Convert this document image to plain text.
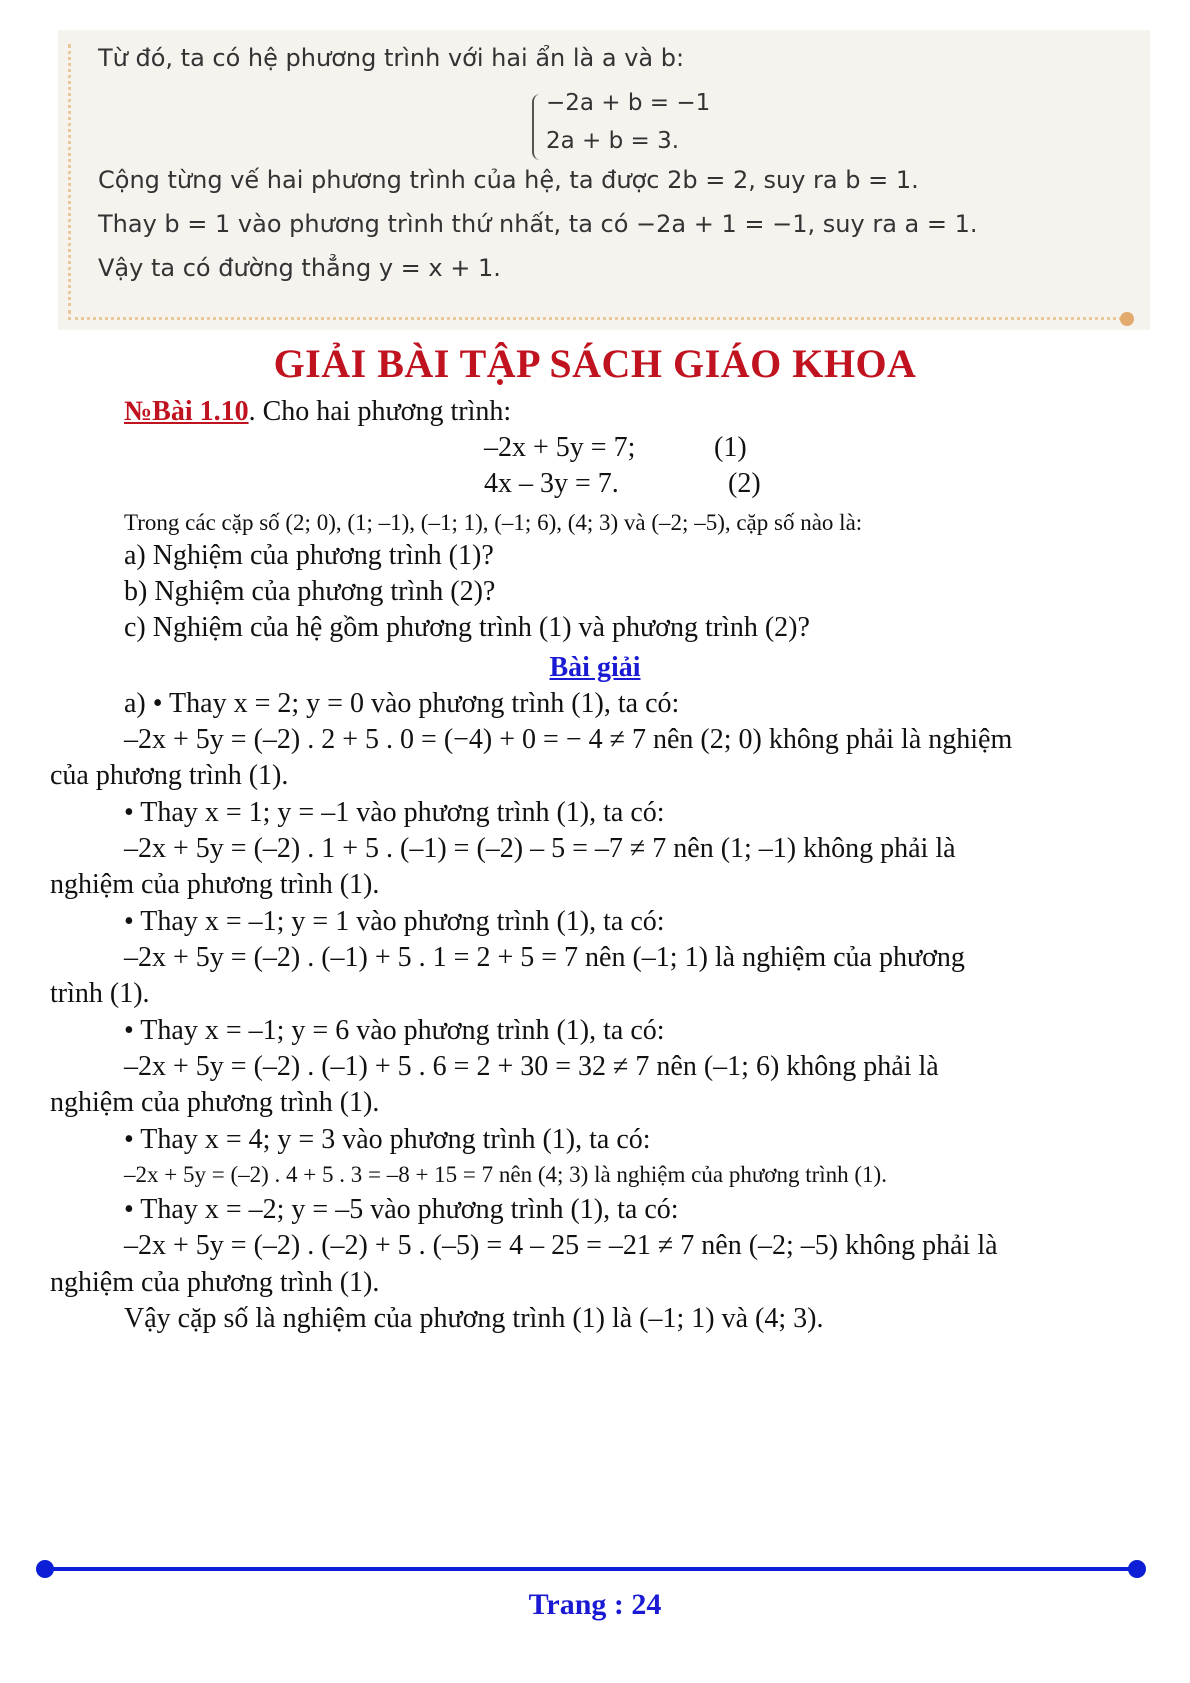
Từ đó, ta có hệ phương trình với hai ẩn là a và b:
−2a + b = −1
2a + b = 3.
Cộng từng vế hai phương trình của hệ, ta được 2b = 2, suy ra b = 1.
Thay b = 1 vào phương trình thứ nhất, ta có −2a + 1 = −1, suy ra a = 1.
Vậy ta có đường thẳng y = x + 1.
GIẢI BÀI TẬP SÁCH GIÁO KHOA
№Bài 1.10. Cho hai phương trình:
–2x + 5y = 7;	(1)
4x – 3y = 7.	(2)
Trong các cặp số (2; 0), (1; –1), (–1; 1), (–1; 6), (4; 3) và (–2; –5), cặp số nào là:
a) Nghiệm của phương trình (1)?
b) Nghiệm của phương trình (2)?
c) Nghiệm của hệ gồm phương trình (1) và phương trình (2)?
Bài giải
a) • Thay x = 2; y = 0 vào phương trình (1), ta có:
–2x + 5y = (–2) . 2 + 5 . 0 = (−4) + 0 = − 4 ≠ 7 nên (2; 0) không phải là nghiệm
của phương trình (1).
• Thay x = 1; y = –1 vào phương trình (1), ta có:
–2x + 5y = (–2) . 1 + 5 . (–1) = (–2) – 5 = –7 ≠ 7 nên (1; –1) không phải là
nghiệm của phương trình (1).
• Thay x = –1; y = 1 vào phương trình (1), ta có:
–2x + 5y = (–2) . (–1) + 5 . 1 = 2 + 5 = 7 nên (–1; 1) là nghiệm của phương
trình (1).
• Thay x = –1; y = 6 vào phương trình (1), ta có:
–2x + 5y = (–2) . (–1) + 5 . 6 = 2 + 30 = 32 ≠ 7 nên (–1; 6) không phải là
nghiệm của phương trình (1).
• Thay x = 4; y = 3 vào phương trình (1), ta có:
–2x + 5y = (–2) . 4 + 5 . 3 = –8 + 15 = 7 nên (4; 3) là nghiệm của phương trình (1).
• Thay x = –2; y = –5 vào phương trình (1), ta có:
–2x + 5y = (–2) . (–2) + 5 . (–5) = 4 – 25 = –21 ≠ 7 nên (–2; –5) không phải là
nghiệm của phương trình (1).
Vậy cặp số là nghiệm của phương trình (1) là (–1; 1) và (4; 3).
Trang : 24
